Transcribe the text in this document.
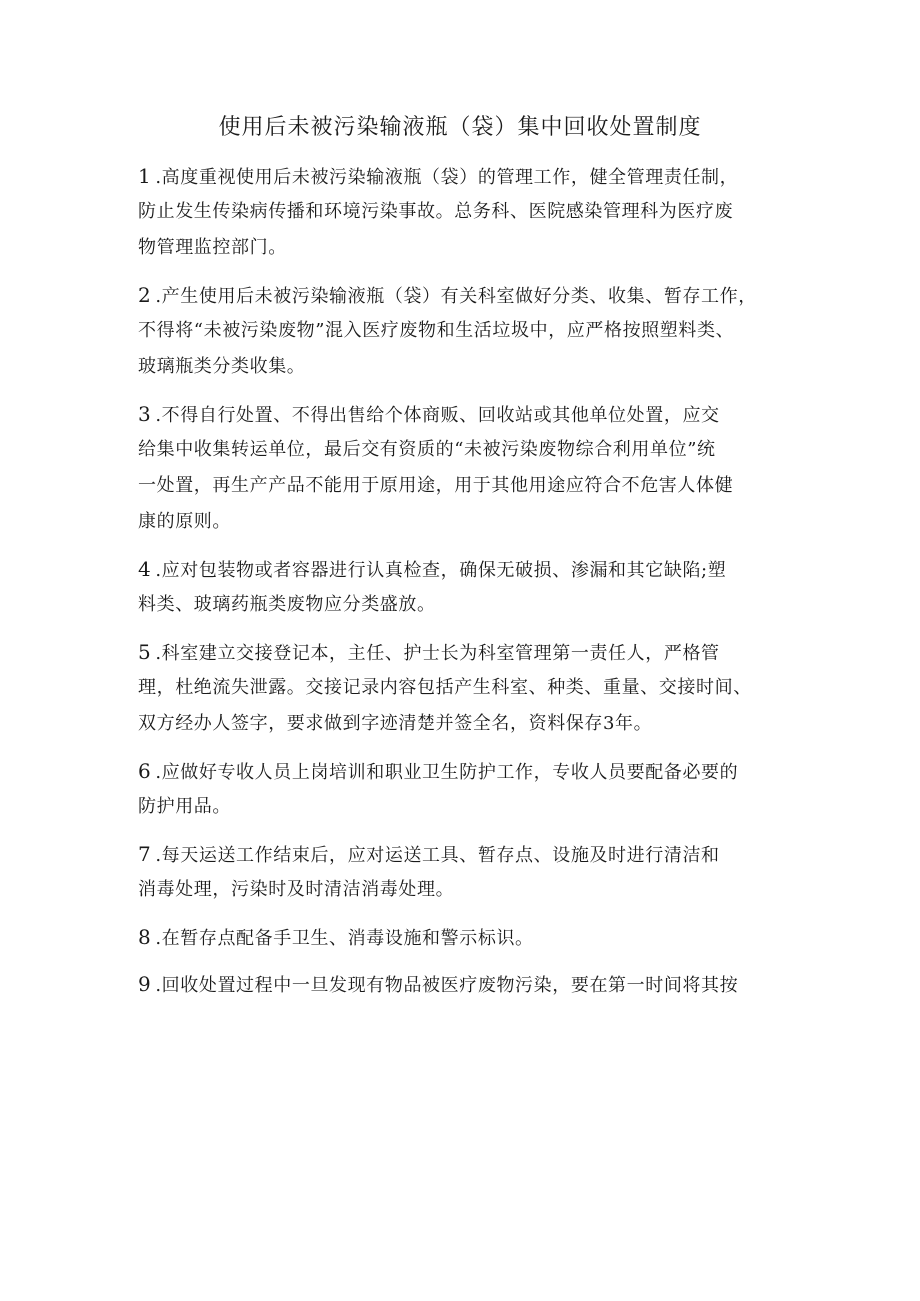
使用后未被污染输液瓶（袋）集中回收处置制度
1 .高度重视使用后未被污染输液瓶（袋）的管理工作，健全管理责任制，
防止发生传染病传播和环境污染事故。总务科、医院感染管理科为医疗废
物管理监控部门。
2 .产生使用后未被污染输液瓶（袋）有关科室做好分类、收集、暂存工作，
不得将“未被污染废物”混入医疗废物和生活垃圾中，应严格按照塑料类、
玻璃瓶类分类收集。
3 .不得自行处置、不得出售给个体商贩、回收站或其他单位处置，应交
给集中收集转运单位，最后交有资质的“未被污染废物综合利用单位”统
一处置，再生产产品不能用于原用途，用于其他用途应符合不危害人体健
康的原则。
4 .应对包装物或者容器进行认真检查，确保无破损、渗漏和其它缺陷;塑
料类、玻璃药瓶类废物应分类盛放。
5 .科室建立交接登记本，主任、护士长为科室管理第一责任人，严格管
理，杜绝流失泄露。交接记录内容包括产生科室、种类、重量、交接时间、
双方经办人签字，要求做到字迹清楚并签全名，资料保存3年。
6 .应做好专收人员上岗培训和职业卫生防护工作，专收人员要配备必要的
防护用品。
7 .每天运送工作结束后，应对运送工具、暂存点、设施及时进行清洁和
消毒处理，污染时及时清洁消毒处理。
8 .在暂存点配备手卫生、消毒设施和警示标识。
9 .回收处置过程中一旦发现有物品被医疗废物污染，要在第一时间将其按
